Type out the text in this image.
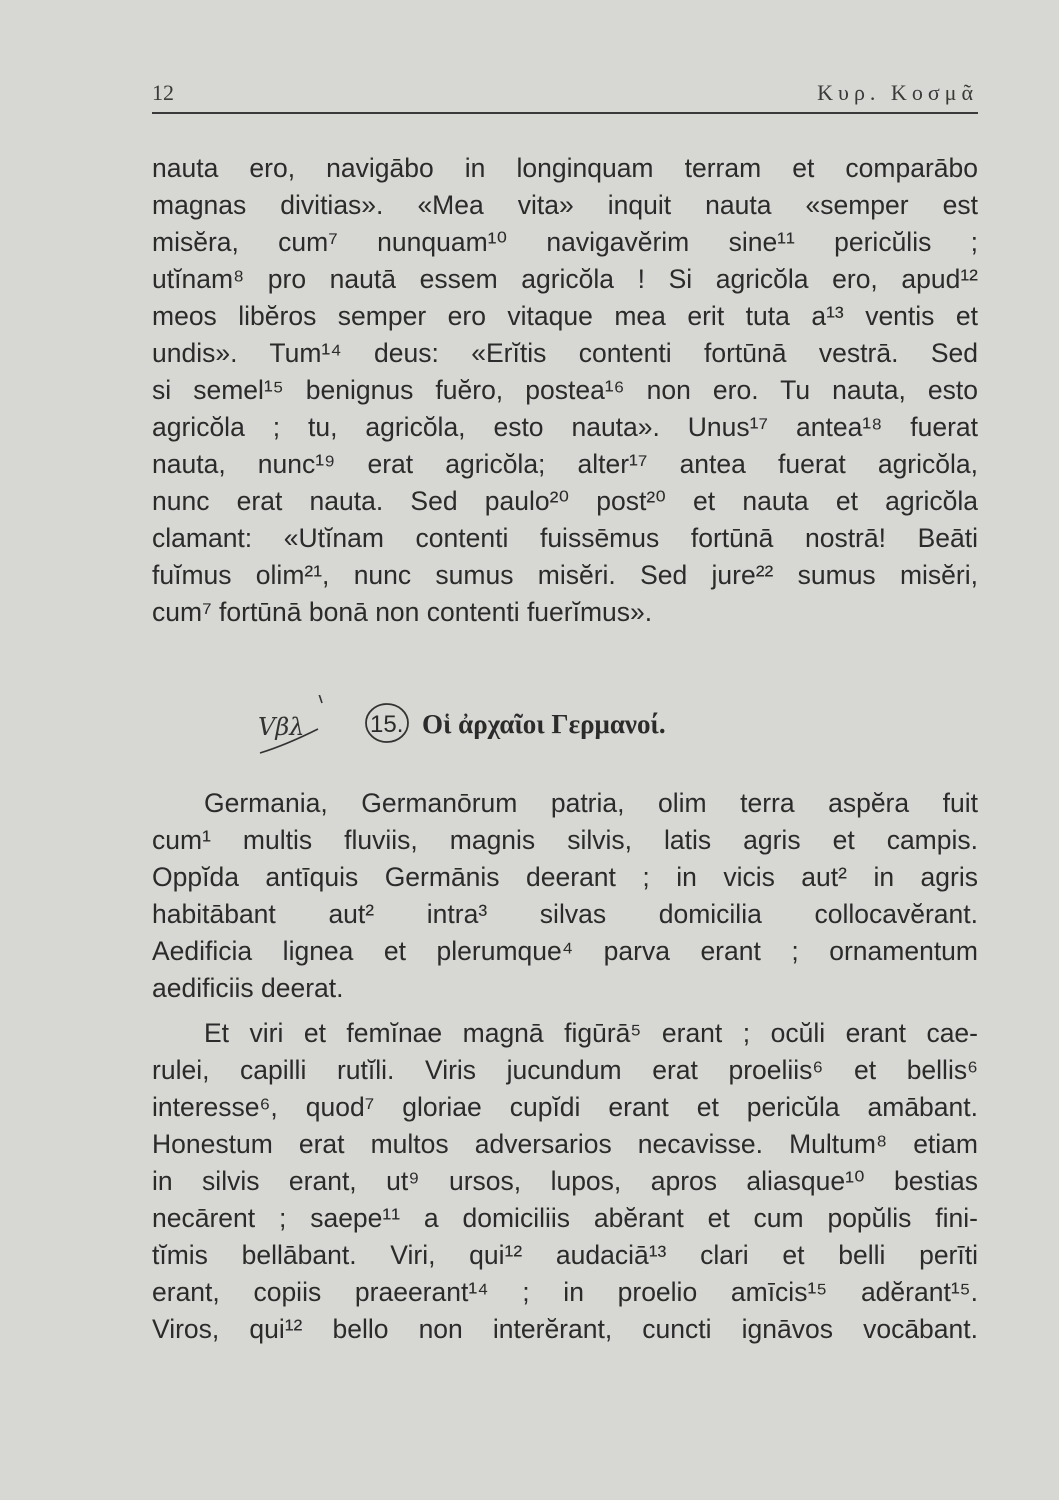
12	Κυρ. Κοσμᾶ
nauta ero, navigābo in longinquam terram et comparābo
magnas divitias». «Mea vita» inquit nauta «semper est
misĕra, cum⁷ nunquam¹⁰ navigavĕrim sine¹¹ pericŭlis ;
utĭnam⁸ pro nautā essem agricŏla ! Si agricŏla ero, apud¹²
meos libĕros semper ero vitaque mea erit tuta a¹³ ventis et
undis». Tum¹⁴ deus: «Erĭtis contenti fortūnā vestrā. Sed
si semel¹⁵ benignus fuĕro, postea¹⁶ non ero. Tu nauta, esto
agricŏla ; tu, agricŏla, esto nauta». Unus¹⁷ antea¹⁸ fuerat
nauta, nunc¹⁹ erat agricŏla; alter¹⁷ antea fuerat agricŏla,
nunc erat nauta. Sed paulo²⁰ post²⁰ et nauta et agricŏla
clamant: «Utĭnam contenti fuissēmus fortūnā nostrā! Beāti
fuĭmus olim²¹, nunc sumus misĕri. Sed jure²² sumus misĕri,
cum⁷ fortūnā bonā non contenti fuerĭmus».
Vβλ	15. Οἱ ἀρχαῖοι Γερμανοί.
Germania, Germanōrum patria, olim terra aspĕra fuit
cum¹ multis fluviis, magnis silvis, latis agris et campis.
Oppĭda antīquis Germānis deerant ; in vicis aut² in agris
habitābant aut² intra³ silvas domicilia collocavĕrant.
Aedificia lignea et plerumque⁴ parva erant ; ornamentum
aedificiis deerat.
Et viri et femĭnae magnā figūrā⁵ erant ; ocŭli erant cae-
rulei, capilli rutĭli. Viris jucundum erat proeliis⁶ et bellis⁶
interesse⁶, quod⁷ gloriae cupĭdi erant et pericŭla amābant.
Honestum erat multos adversarios necavisse. Multum⁸ etiam
in silvis erant, ut⁹ ursos, lupos, apros aliasque¹⁰ bestias
necārent ; saepe¹¹ a domiciliis abĕrant et cum popŭlis fini-
tĭmis bellābant. Viri, qui¹² audaciā¹³ clari et belli perīti
erant, copiis praeerant¹⁴ ; in proelio amīcis¹⁵ adĕrant¹⁵.
Viros, qui¹² bello non interĕrant, cuncti ignāvos vocābant.
